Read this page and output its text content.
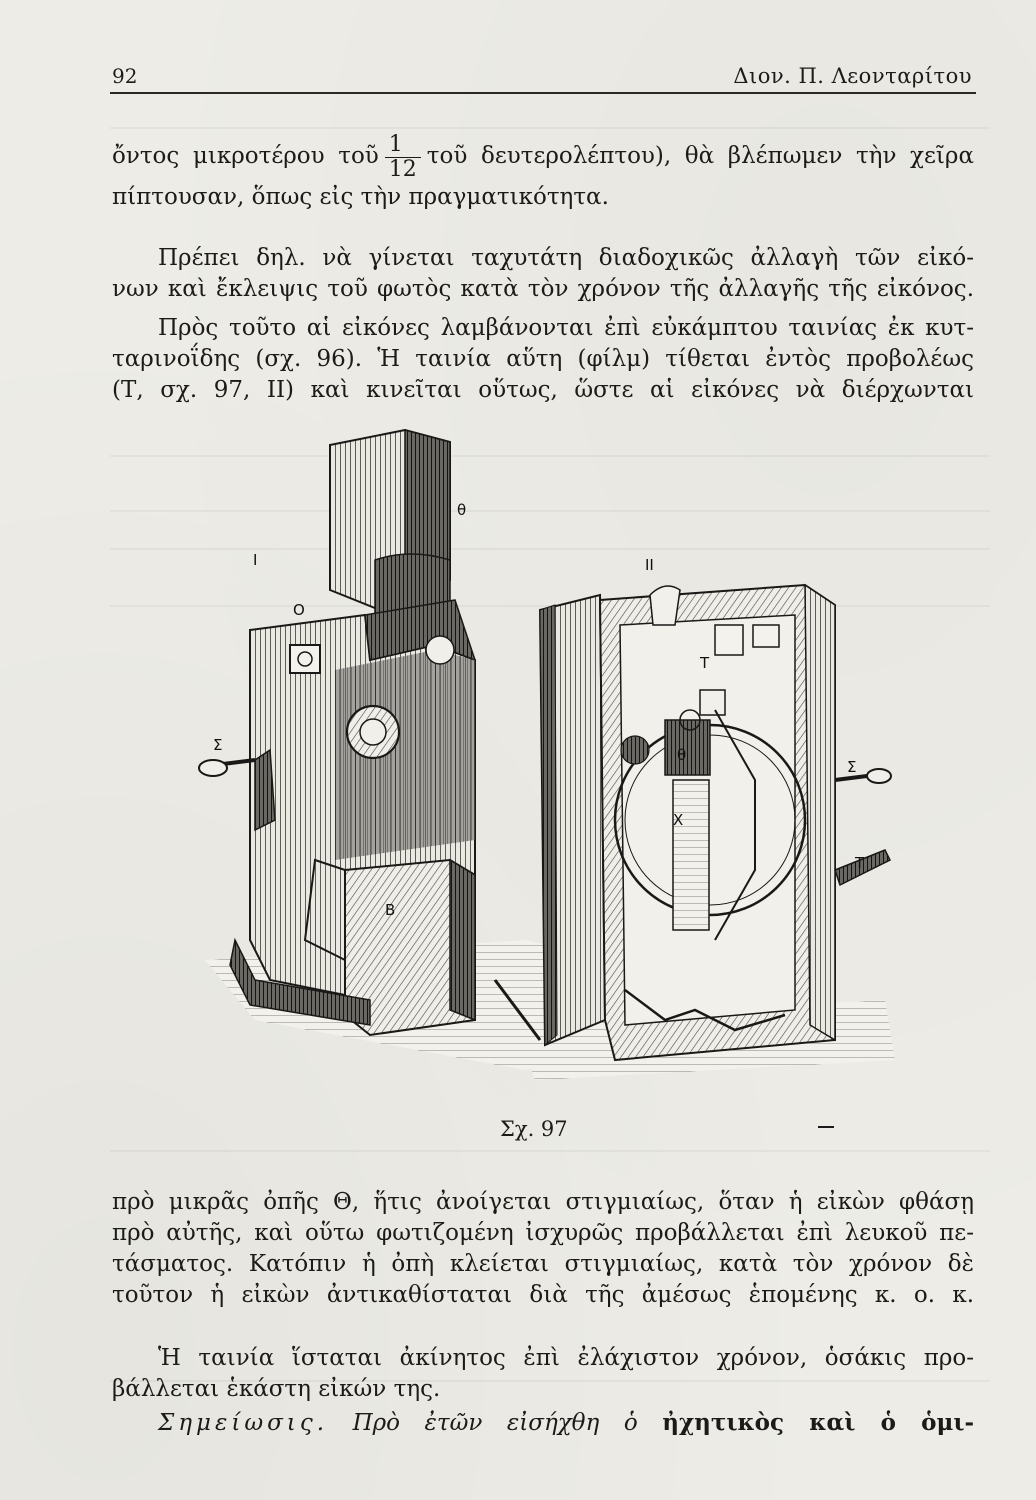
92	Διον. Π. Λεονταρίτου
ὄντος μικροτέρου τοῦ $\frac{1}{12}$ τοῦ δευτερολέπτου), θὰ βλέπωμεν τὴν χεῖρα
πίπτουσαν, ὅπως εἰς τὴν πραγματικότητα.
Πρέπει δηλ. νὰ γίνεται ταχυτάτη διαδοχικῶς ἀλλαγὴ τῶν εἰκό-
νων καὶ ἔκλειψις τοῦ φωτὸς κατὰ τὸν χρόνον τῆς ἀλλαγῆς τῆς εἰκόνος.
Πρὸς τοῦτο αἱ εἰκόνες λαμβάνονται ἐπὶ εὐκάμπτου ταινίας ἐκ κυτ-
ταρινοΐδης (σχ. 96). Ἡ ταινία αὕτη (φίλμ) τίθεται ἐντὸς προβολέως
(Τ, σχ. 97, ΙΙ) καὶ κινεῖται οὕτως, ὥστε αἱ εἰκόνες νὰ διέρχωνται
I
θ
II
Ο
Σ
Β
Τ
θ
Σ
Χ
Τ΄
Σχ. 97
πρὸ μικρᾶς ὀπῆς Θ, ἥτις ἀνοίγεται στιγμιαίως, ὅταν ἡ εἰκὼν φθάσῃ
πρὸ αὐτῆς, καὶ οὕτω φωτιζομένη ἰσχυρῶς προβάλλεται ἐπὶ λευκοῦ πε-
τάσματος. Κατόπιν ἡ ὀπὴ κλείεται στιγμιαίως, κατὰ τὸν χρόνον δὲ
τοῦτον ἡ εἰκὼν ἀντικαθίσταται διὰ τῆς ἀμέσως ἑπομένης κ. ο. κ.
Ἡ ταινία ἵσταται ἀκίνητος ἐπὶ ἐλάχιστον χρόνον, ὁσάκις προ-
βάλλεται ἑκάστη εἰκών της.
Σημείωσις. Πρὸ ἐτῶν εἰσήχθη ὁ ἠχητικὸς καὶ ὁ ὁμι-
